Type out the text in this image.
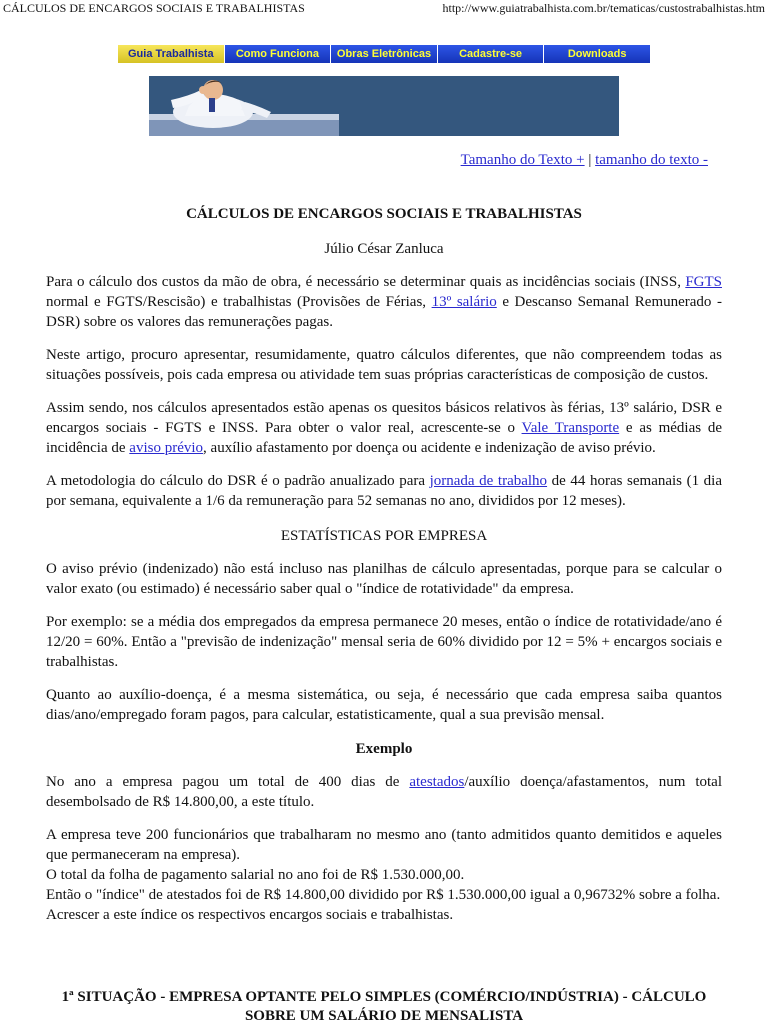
CÁLCULOS DE ENCARGOS SOCIAIS E TRABALHISTAS	http://www.guiatrabalhista.com.br/tematicas/custostrabalhistas.htm
Guia Trabalhista	Como Funciona	Obras Eletrônicas	Cadastre-se	Downloads
Tamanho do Texto + | tamanho do texto -
CÁLCULOS DE ENCARGOS SOCIAIS E TRABALHISTAS
Júlio César Zanluca

Para o cálculo dos custos da mão de obra, é necessário se determinar quais as incidências sociais (INSS, FGTS normal e FGTS/Rescisão) e trabalhistas (Provisões de Férias, 13º salário e Descanso Semanal Remunerado - DSR) sobre os valores das remunerações pagas.

Neste artigo, procuro apresentar, resumidamente, quatro cálculos diferentes, que não compreendem todas as situações possíveis, pois cada empresa ou atividade tem suas próprias características de composição de custos.

Assim sendo, nos cálculos apresentados estão apenas os quesitos básicos relativos às férias, 13º salário, DSR e encargos sociais - FGTS e INSS. Para obter o valor real, acrescente-se o Vale Transporte e as médias de incidência de aviso prévio, auxílio afastamento por doença ou acidente e indenização de aviso prévio.

A metodologia do cálculo do DSR é o padrão anualizado para jornada de trabalho de 44 horas semanais (1 dia por semana, equivalente a 1/6 da remuneração para 52 semanas no ano, divididos por 12 meses).

ESTATÍSTICAS POR EMPRESA

O aviso prévio (indenizado) não está incluso nas planilhas de cálculo apresentadas, porque para se calcular o valor exato (ou estimado) é necessário saber qual o "índice de rotatividade" da empresa.

Por exemplo: se a média dos empregados da empresa permanece 20 meses, então o índice de rotatividade/ano é 12/20 = 60%. Então a "previsão de indenização" mensal seria de 60% dividido por 12 = 5% + encargos sociais e trabalhistas.

Quanto ao auxílio-doença, é a mesma sistemática, ou seja, é necessário que cada empresa saiba quantos dias/ano/empregado foram pagos, para calcular, estatisticamente, qual a sua previsão mensal.

Exemplo

No ano a empresa pagou um total de 400 dias de atestados/auxílio doença/afastamentos, num total desembolsado de R$ 14.800,00, a este título.

A empresa teve 200 funcionários que trabalharam no mesmo ano (tanto admitidos quanto demitidos e aqueles que permaneceram na empresa).

O total da folha de pagamento salarial no ano foi de R$ 1.530.000,00.

Então o "índice" de atestados foi de R$ 14.800,00 dividido por R$ 1.530.000,00 igual a 0,96732% sobre a folha.

Acrescer a este índice os respectivos encargos sociais e trabalhistas.

1ª SITUAÇÃO - EMPRESA OPTANTE PELO SIMPLES (COMÉRCIO/INDÚSTRIA) - CÁLCULO SOBRE UM SALÁRIO DE MENSALISTA
